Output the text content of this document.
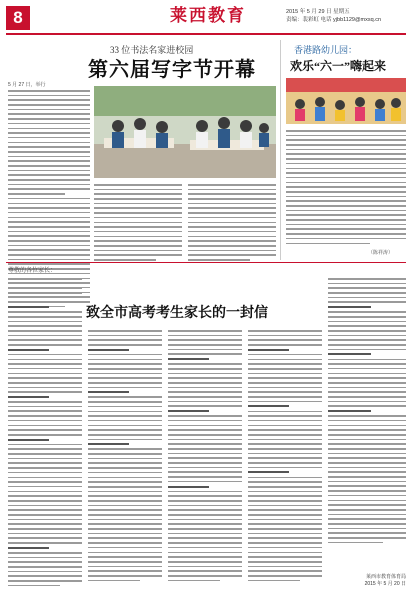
8	莱西教育	2015 年 5 月 29 日 星期五
责编：裴彩虹 电话 yjbb1129@mxsq.cn
33 位书法名家进校园
第六届写字节开幕
5 月 27 日，举行
香港路幼儿园：
欢乐“六一”嗨起来
（陈祥涛）
尊敬的各位家长：
致全市高考考生家长的一封信
莱西市教育体育局
2015 年 5 月 20 日
